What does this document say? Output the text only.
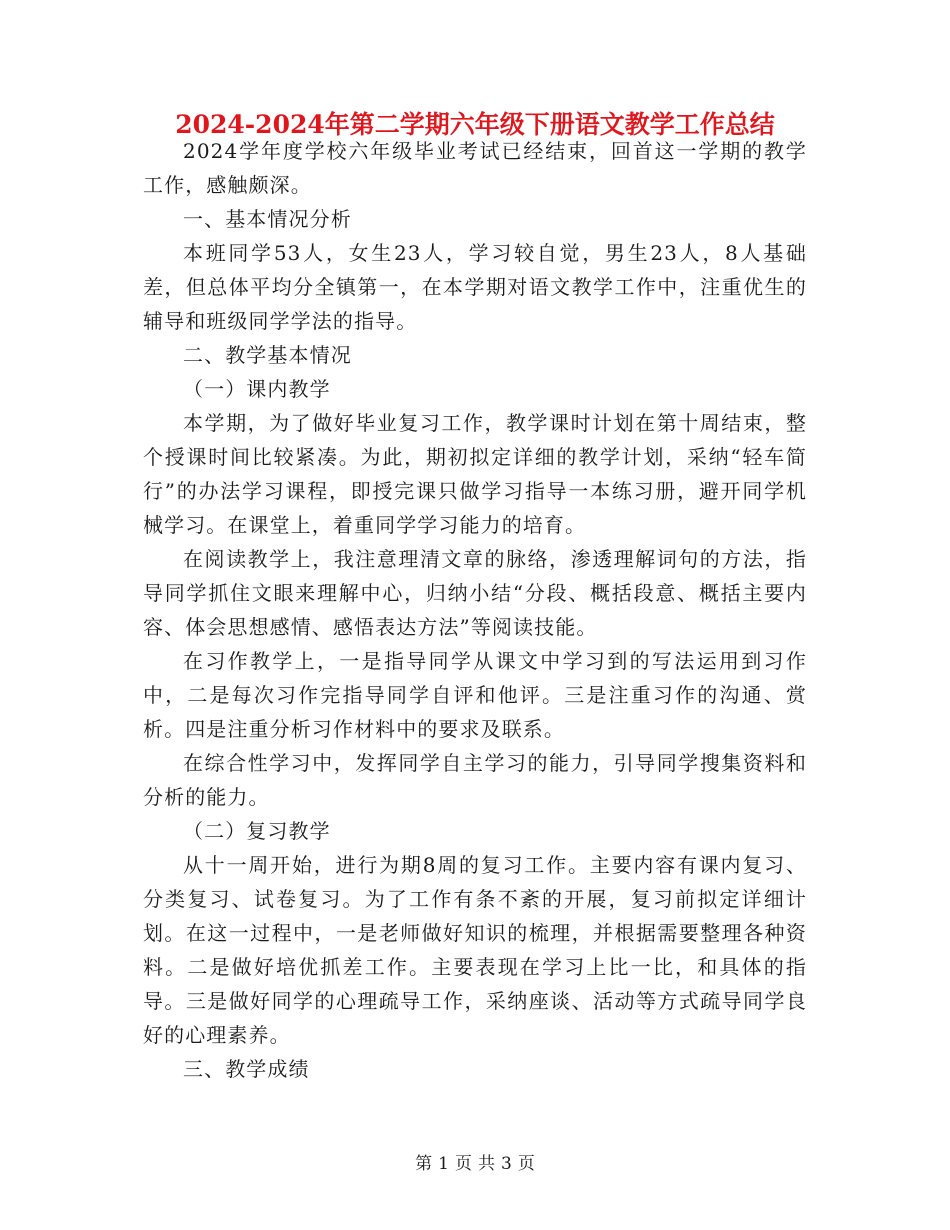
2024-2024年第二学期六年级下册语文教学工作总结

2024学年度学校六年级毕业考试已经结束，回首这一学期的教学工作，感触颇深。

一、基本情况分析

本班同学53人，女生23人，学习较自觉，男生23人，8人基础差，但总体平均分全镇第一，在本学期对语文教学工作中，注重优生的辅导和班级同学学法的指导。

二、教学基本情况

（一）课内教学

本学期，为了做好毕业复习工作，教学课时计划在第十周结束，整个授课时间比较紧凑。为此，期初拟定详细的教学计划，采纳“轻车简行”的办法学习课程，即授完课只做学习指导一本练习册，避开同学机械学习。在课堂上，着重同学学习能力的培育。

在阅读教学上，我注意理清文章的脉络，渗透理解词句的方法，指导同学抓住文眼来理解中心，归纳小结“分段、概括段意、概括主要内容、体会思想感情、感悟表达方法”等阅读技能。

在习作教学上，一是指导同学从课文中学习到的写法运用到习作中，二是每次习作完指导同学自评和他评。三是注重习作的沟通、赏析。四是注重分析习作材料中的要求及联系。

在综合性学习中，发挥同学自主学习的能力，引导同学搜集资料和分析的能力。

（二）复习教学

从十一周开始，进行为期8周的复习工作。主要内容有课内复习、分类复习、试卷复习。为了工作有条不紊的开展，复习前拟定详细计划。在这一过程中，一是老师做好知识的梳理，并根据需要整理各种资料。二是做好培优抓差工作。主要表现在学习上比一比，和具体的指导。三是做好同学的心理疏导工作，采纳座谈、活动等方式疏导同学良好的心理素养。

三、教学成绩

第 1 页 共 3 页
